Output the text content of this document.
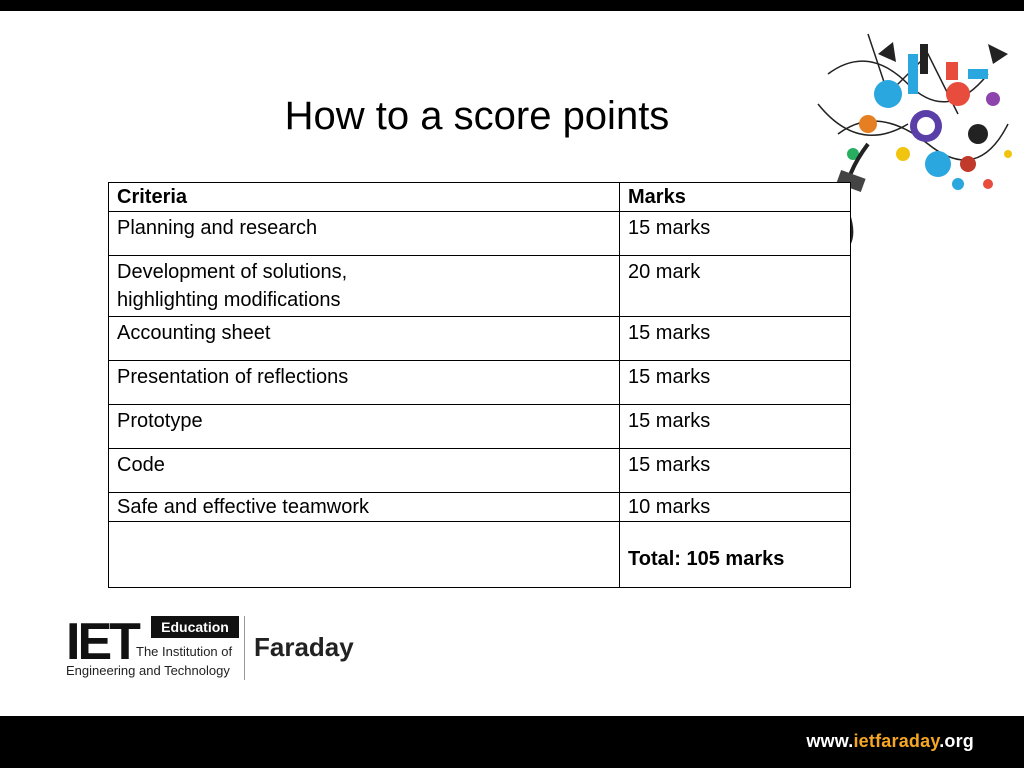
How to a score points
Criteria	Marks
Planning and research	15 marks
Development of solutions,
highlighting modifications	20 mark
Accounting sheet	15 marks
Presentation of reflections	15 marks
Prototype	15 marks
Code	15 marks
Safe and effective teamwork	10 marks
	Total: 105 marks
IET	Education
The Institution of
Engineering and Technology
Faraday
www.ietfaraday.org
